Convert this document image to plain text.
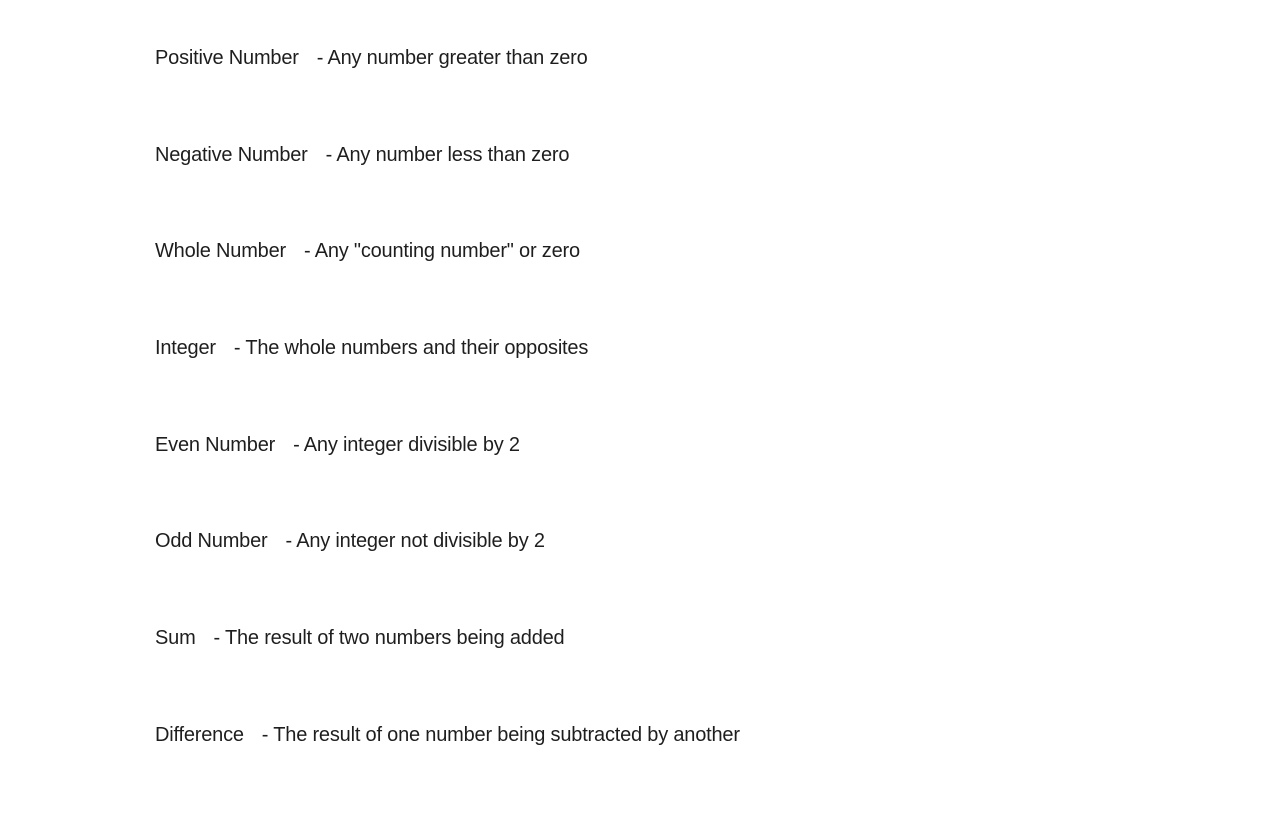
Positive Number - Any number greater than zero
Negative Number - Any number less than zero
Whole Number - Any "counting number" or zero
Integer - The whole numbers and their opposites
Even Number - Any integer divisible by 2
Odd Number - Any integer not divisible by 2
Sum - The result of two numbers being added
Difference - The result of one number being subtracted by another
